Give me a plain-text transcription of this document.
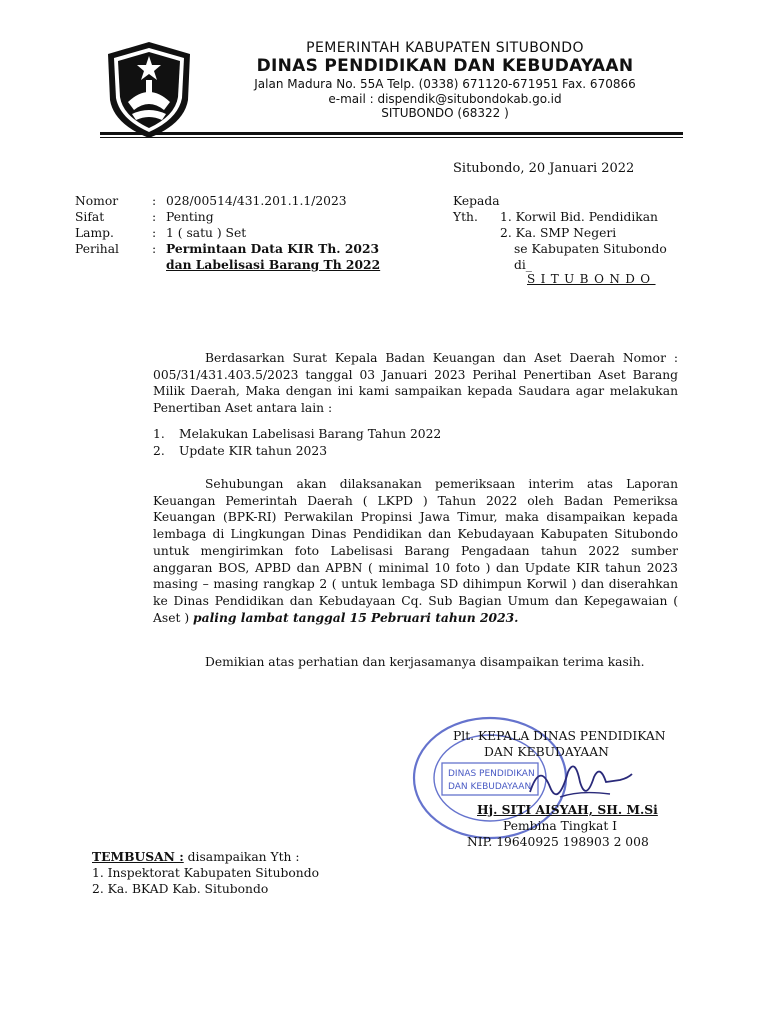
PEMERINTAH KABUPATEN SITUBONDO
DINAS PENDIDIKAN DAN KEBUDAYAAN
Jalan Madura No. 55A Telp. (0338) 671120-671951 Fax. 670866
e-mail : dispendik@situbondokab.go.id
SITUBONDO (68322 )
Situbondo, 20 Januari 2022
Nomor	: 028/00514/431.201.1.1/2023
Sifat	: Penting
Lamp.	: 1 ( satu ) Set
Perihal	: Permintaan Data KIR Th. 2023
dan Labelisasi Barang Th 2022
Kepada
Yth. 1. Korwil Bid. Pendidikan
2. Ka. SMP Negeri
se Kabupaten Situbondo
di_
SITUBONDO
Berdasarkan Surat Kepala Badan Keuangan dan Aset Daerah Nomor : 005/31/431.403.5/2023 tanggal 03 Januari 2023 Perihal Penertiban Aset Barang Milik Daerah, Maka dengan ini kami sampaikan kepada Saudara agar melakukan Penertiban Aset antara lain :
1. Melakukan Labelisasi Barang Tahun 2022
2. Update KIR tahun 2023
Sehubungan akan dilaksanakan pemeriksaan interim atas Laporan Keuangan Pemerintah Daerah ( LKPD ) Tahun 2022 oleh Badan Pemeriksa Keuangan (BPK-RI) Perwakilan Propinsi Jawa Timur, maka disampaikan kepada lembaga di Lingkungan Dinas Pendidikan dan Kebudayaan Kabupaten Situbondo untuk mengirimkan foto Labelisasi Barang Pengadaan tahun 2022 sumber anggaran BOS, APBD dan APBN ( minimal 10 foto ) dan Update KIR tahun 2023 masing – masing rangkap 2 ( untuk lembaga SD dihimpun Korwil ) dan diserahkan ke Dinas Pendidikan dan Kebudayaan Cq. Sub Bagian Umum dan Kepegawaian ( Aset ) paling lambat tanggal 15 Pebruari tahun 2023.
Demikian atas perhatian dan kerjasamanya disampaikan terima kasih.
DINAS PENDIDIKAN
DAN KEBUDAYAAN
Plt. KEPALA DINAS PENDIDIKAN
DAN KEBUDAYAAN
Hj. SITI AISYAH, SH. M.Si
Pembina Tingkat I
NIP. 19640925 198903 2 008
TEMBUSAN : disampaikan Yth :
1. Inspektorat Kabupaten Situbondo
2. Ka. BKAD Kab. Situbondo
